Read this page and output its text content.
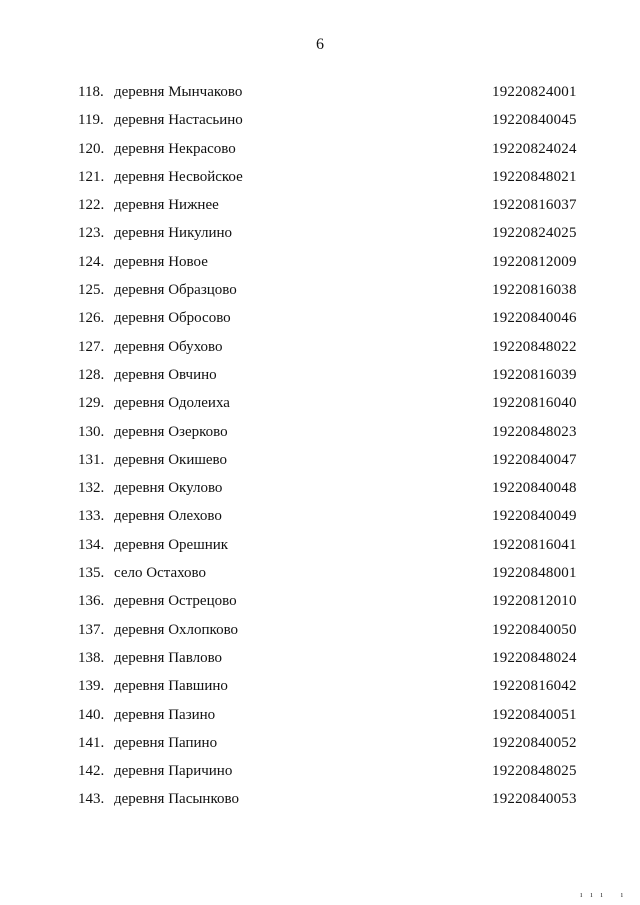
6
118. деревня Мынчаково	19220824001
119. деревня Настасьино	19220840045
120. деревня Некрасово	19220824024
121. деревня Несвойское	19220848021
122. деревня Нижнее	19220816037
123. деревня Никулино	19220824025
124. деревня Новое	19220812009
125. деревня Образцово	19220816038
126. деревня Обросово	19220840046
127. деревня Обухово	19220848022
128. деревня Овчино	19220816039
129. деревня Одолеиха	19220816040
130. деревня Озерково	19220848023
131. деревня Окишево	19220840047
132. деревня Окулово	19220840048
133. деревня Олехово	19220840049
134. деревня Орешник	19220816041
135. село Остахово	19220848001
136. деревня Острецово	19220812010
137. деревня Охлопково	19220840050
138. деревня Павлово	19220848024
139. деревня Павшино	19220816042
140. деревня Пазино	19220840051
141. деревня Папино	19220840052
142. деревня Паричино	19220848025
143. деревня Пасынково	19220840053
ı ı ı   ı
